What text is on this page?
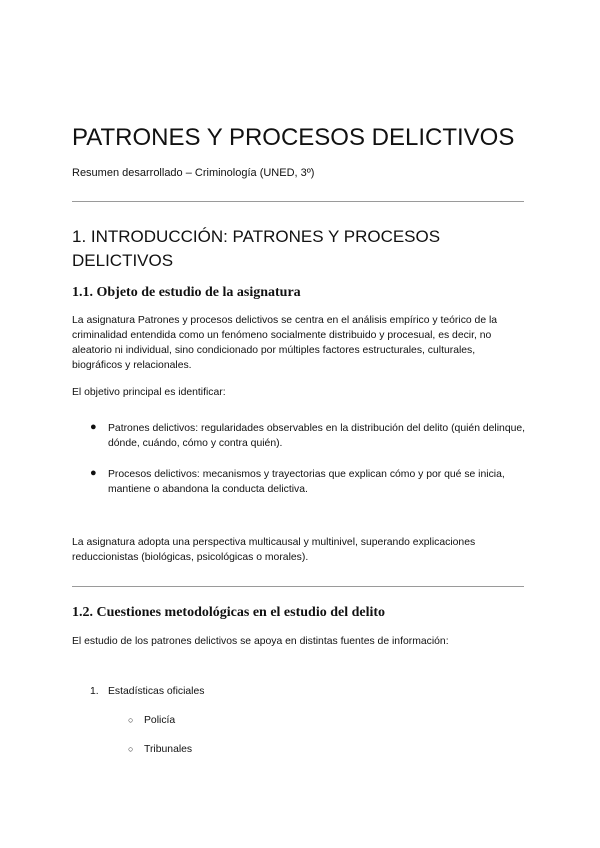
PATRONES Y PROCESOS DELICTIVOS
Resumen desarrollado – Criminología (UNED, 3º)
1. INTRODUCCIÓN: PATRONES Y PROCESOS DELICTIVOS
1.1. Objeto de estudio de la asignatura

La asignatura Patrones y procesos delictivos se centra en el análisis empírico y teórico de la criminalidad entendida como un fenómeno socialmente distribuido y procesual, es decir, no aleatorio ni individual, sino condicionado por múltiples factores estructurales, culturales, biográficos y relacionales.

El objetivo principal es identificar:

● Patrones delictivos: regularidades observables en la distribución del delito (quién delinque, dónde, cuándo, cómo y contra quién).
● Procesos delictivos: mecanismos y trayectorias que explican cómo y por qué se inicia, mantiene o abandona la conducta delictiva.

La asignatura adopta una perspectiva multicausal y multinivel, superando explicaciones reduccionistas (biológicas, psicológicas o morales).

1.2. Cuestiones metodológicas en el estudio del delito

El estudio de los patrones delictivos se apoya en distintas fuentes de información:

1. Estadísticas oficiales
○ Policía
○ Tribunales
